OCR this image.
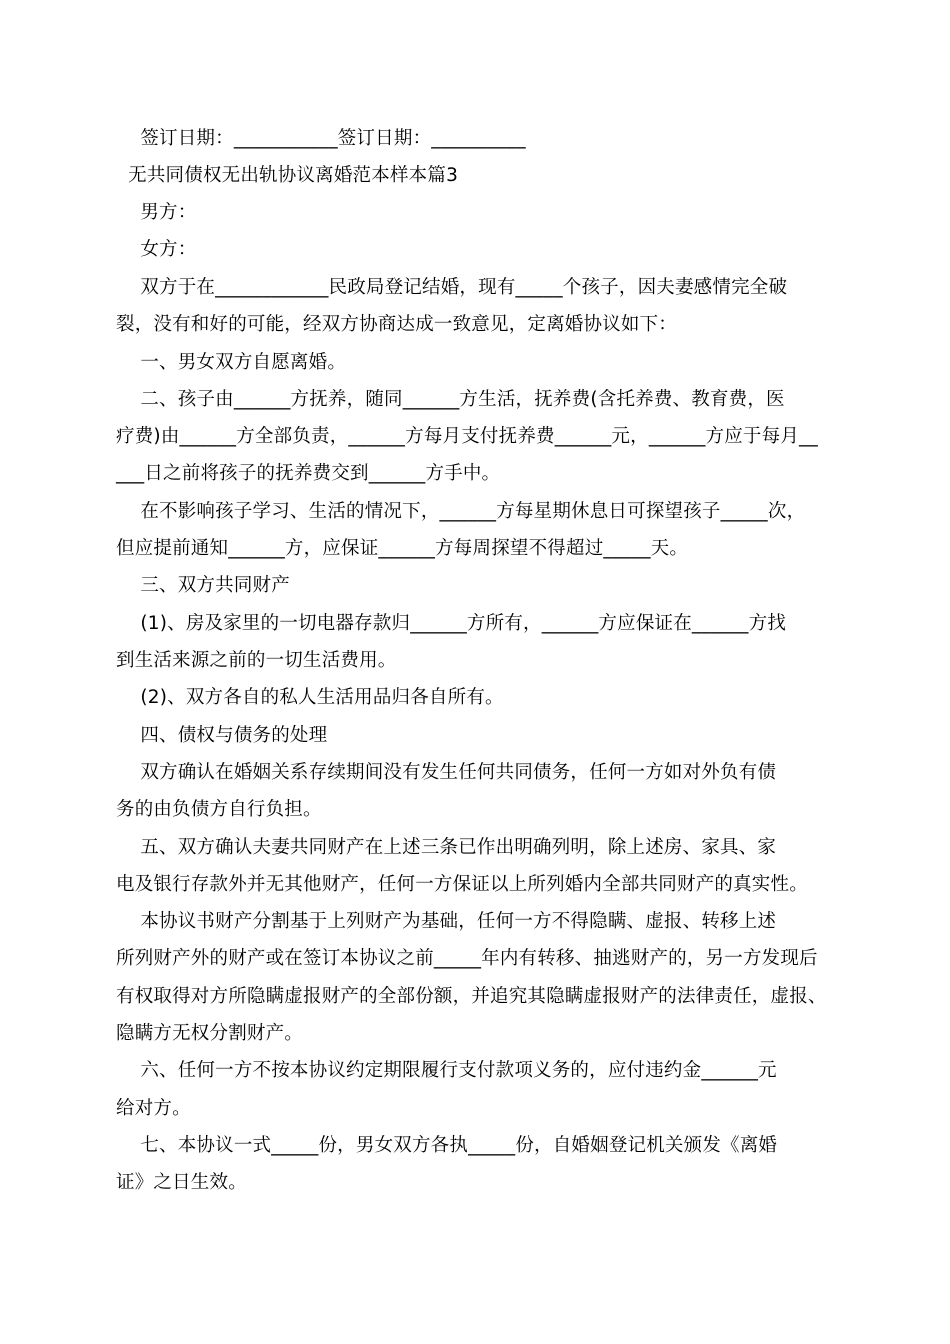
签订日期：___________签订日期：__________
无共同债权无出轨协议离婚范本样本篇3
男方：
女方：
双方于在____________民政局登记结婚，现有_____个孩子，因夫妻感情完全破
裂，没有和好的可能，经双方协商达成一致意见，定离婚协议如下：
一、男女双方自愿离婚。
二、孩子由______方抚养，随同______方生活，抚养费(含托养费、教育费，医
疗费)由______方全部负责，______方每月支付抚养费______元，______方应于每月__
___日之前将孩子的抚养费交到______方手中。
在不影响孩子学习、生活的情况下，______方每星期休息日可探望孩子_____次，
但应提前通知______方，应保证______方每周探望不得超过_____天。
三、双方共同财产
(1)、房及家里的一切电器存款归______方所有，______方应保证在______方找
到生活来源之前的一切生活费用。
(2)、双方各自的私人生活用品归各自所有。
四、债权与债务的处理
双方确认在婚姻关系存续期间没有发生任何共同债务，任何一方如对外负有债
务的由负债方自行负担。
五、双方确认夫妻共同财产在上述三条已作出明确列明，除上述房、家具、家
电及银行存款外并无其他财产，任何一方保证以上所列婚内全部共同财产的真实性。
本协议书财产分割基于上列财产为基础，任何一方不得隐瞒、虚报、转移上述
所列财产外的财产或在签订本协议之前_____年内有转移、抽逃财产的，另一方发现后
有权取得对方所隐瞒虚报财产的全部份额，并追究其隐瞒虚报财产的法律责任，虚报、
隐瞒方无权分割财产。
六、任何一方不按本协议约定期限履行支付款项义务的，应付违约金______元
给对方。
七、本协议一式_____份，男女双方各执_____份，自婚姻登记机关颁发《离婚
证》之日生效。
